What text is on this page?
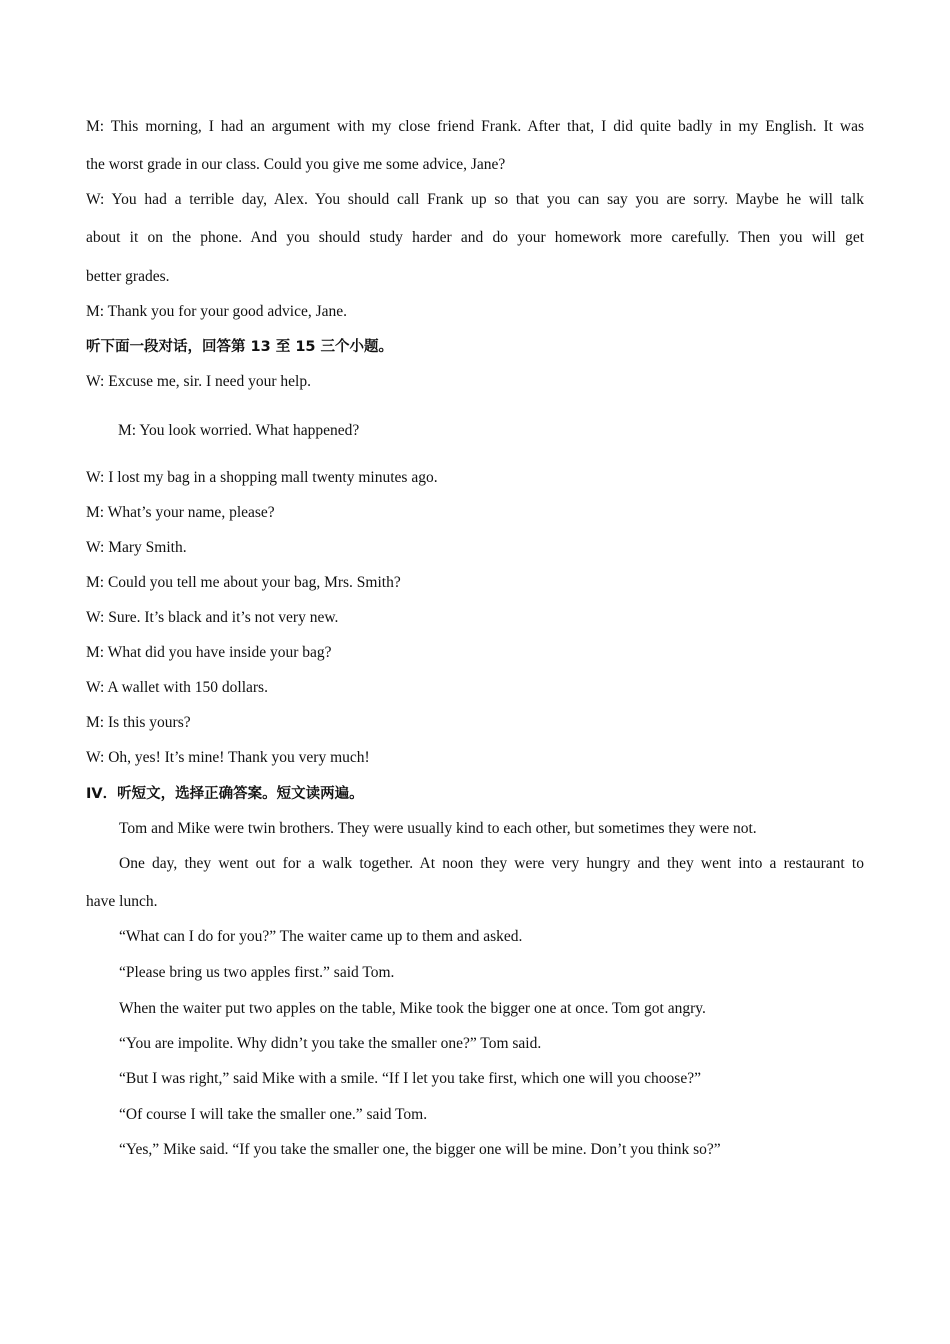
M: This morning, I had an argument with my close friend Frank. After that, I did quite badly in my English. It was
the worst grade in our class. Could you give me some advice, Jane?
W: You had a terrible day, Alex. You should call Frank up so that you can say you are sorry. Maybe he will talk
about it on the phone. And you should study harder and do your homework more carefully. Then you will get
better grades.
M: Thank you for your good advice, Jane.
听下面一段对话，回答第 13 至 15 三个小题。
W: Excuse me, sir. I need your help.
M: You look worried. What happened?
W: I lost my bag in a shopping mall twenty minutes ago.
M: What’s your name, please?
W: Mary Smith.
M: Could you tell me about your bag, Mrs. Smith?
W: Sure. It’s black and it’s not very new.
M: What did you have inside your bag?
W: A wallet with 150 dollars.
M: Is this yours?
W: Oh, yes! It’s mine! Thank you very much!
IV．听短文，选择正确答案。短文读两遍。
Tom and Mike were twin brothers. They were usually kind to each other, but sometimes they were not.
One day, they went out for a walk together. At noon they were very hungry and they went into a restaurant to
have lunch.
“What can I do for you?” The waiter came up to them and asked.
“Please bring us two apples first.” said Tom.
When the waiter put two apples on the table, Mike took the bigger one at once. Tom got angry.
“You are impolite. Why didn’t you take the smaller one?” Tom said.
“But I was right,” said Mike with a smile. “If I let you take first, which one will you choose?”
“Of course I will take the smaller one.” said Tom.
“Yes,” Mike said. “If you take the smaller one, the bigger one will be mine. Don’t you think so?”
